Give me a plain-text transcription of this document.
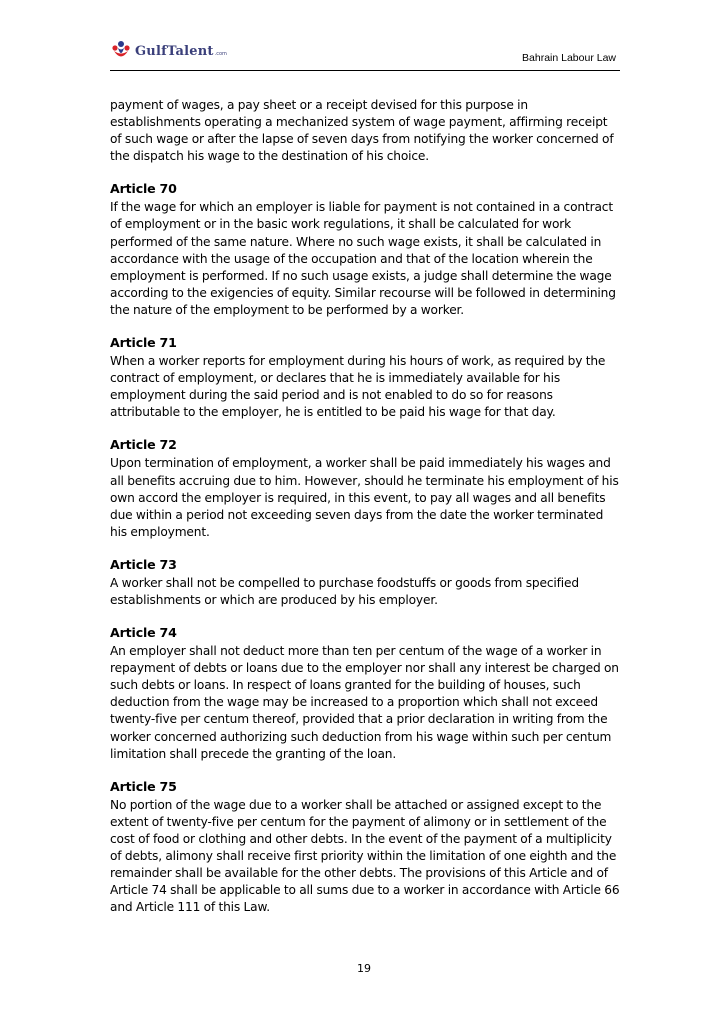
GulfTalent .com	Bahrain Labour Law

payment of wages, a pay sheet or a receipt devised for this purpose in establishments operating a mechanized system of wage payment, affirming receipt of such wage or after the lapse of seven days from notifying the worker concerned of the dispatch his wage to the destination of his choice.

Article 70

If the wage for which an employer is liable for payment is not contained in a contract of employment or in the basic work regulations, it shall be calculated for work performed of the same nature. Where no such wage exists, it shall be calculated in accordance with the usage of the occupation and that of the location wherein the employment is performed. If no such usage exists, a judge shall determine the wage according to the exigencies of equity. Similar recourse will be followed in determining the nature of the employment to be performed by a worker.

Article 71

When a worker reports for employment during his hours of work, as required by the contract of employment, or declares that he is immediately available for his employment during the said period and is not enabled to do so for reasons attributable to the employer, he is entitled to be paid his wage for that day.

Article 72

Upon termination of employment, a worker shall be paid immediately his wages and all benefits accruing due to him. However, should he terminate his employment of his own accord the employer is required, in this event, to pay all wages and all benefits due within a period not exceeding seven days from the date the worker terminated his employment.

Article 73

A worker shall not be compelled to purchase foodstuffs or goods from specified establishments or which are produced by his employer.

Article 74

An employer shall not deduct more than ten per centum of the wage of a worker in repayment of debts or loans due to the employer nor shall any interest be charged on such debts or loans. In respect of loans granted for the building of houses, such deduction from the wage may be increased to a proportion which shall not exceed twenty-five per centum thereof, provided that a prior declaration in writing from the worker concerned authorizing such deduction from his wage within such per centum limitation shall precede the granting of the loan.

Article 75

No portion of the wage due to a worker shall be attached or assigned except to the extent of twenty-five per centum for the payment of alimony or in settlement of the cost of food or clothing and other debts. In the event of the payment of a multiplicity of debts, alimony shall receive first priority within the limitation of one eighth and the remainder shall be available for the other debts. The provisions of this Article and of Article 74 shall be applicable to all sums due to a worker in accordance with Article 66 and Article 111 of this Law.

19
